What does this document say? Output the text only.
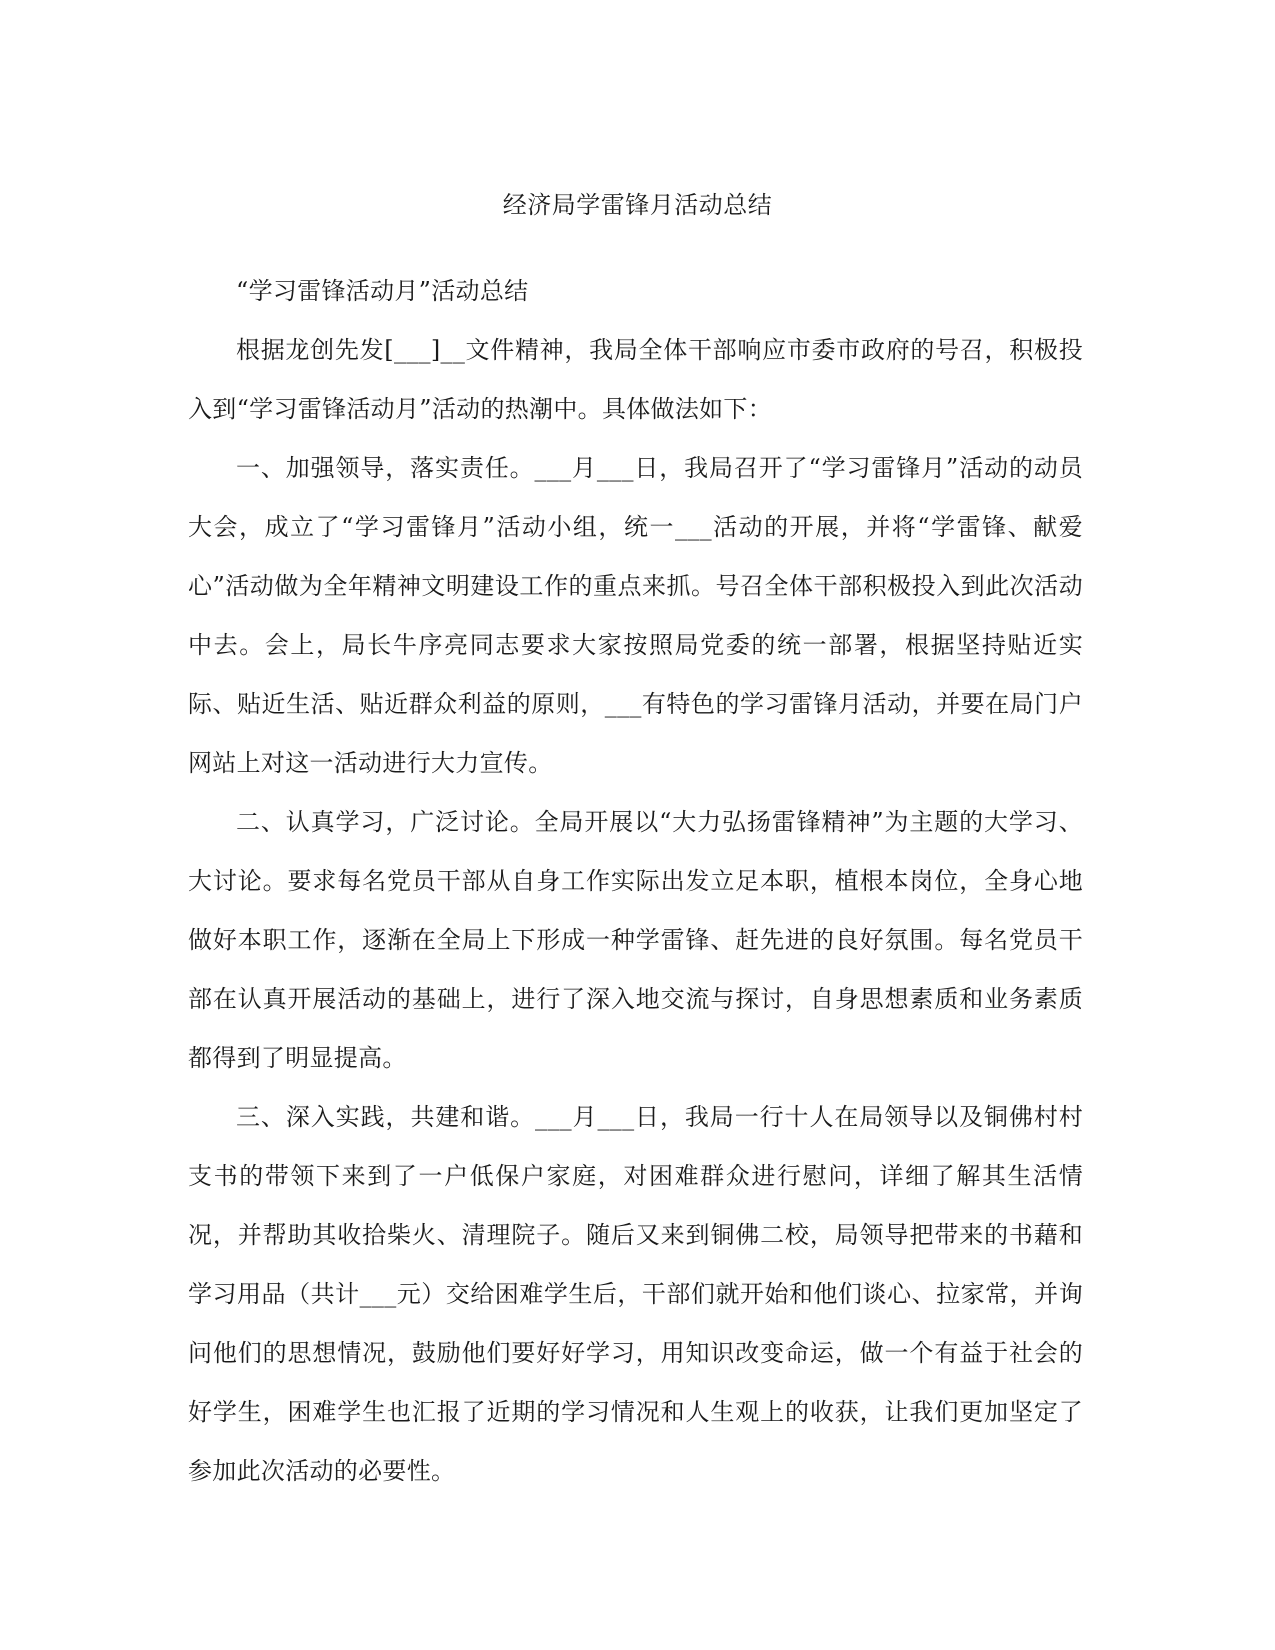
经济局学雷锋月活动总结

“学习雷锋活动月”活动总结

根据龙创先发[___]__文件精神，我局全体干部响应市委市政府的号召，积极投入到“学习雷锋活动月”活动的热潮中。具体做法如下：

一、加强领导，落实责任。___月___日，我局召开了“学习雷锋月”活动的动员大会，成立了“学习雷锋月”活动小组，统一___活动的开展，并将“学雷锋、献爱心”活动做为全年精神文明建设工作的重点来抓。号召全体干部积极投入到此次活动中去。会上，局长牛序亮同志要求大家按照局党委的统一部署，根据坚持贴近实际、贴近生活、贴近群众利益的原则，___有特色的学习雷锋月活动，并要在局门户网站上对这一活动进行大力宣传。

二、认真学习，广泛讨论。全局开展以“大力弘扬雷锋精神”为主题的大学习、大讨论。要求每名党员干部从自身工作实际出发立足本职，植根本岗位，全身心地做好本职工作，逐渐在全局上下形成一种学雷锋、赶先进的良好氛围。每名党员干部在认真开展活动的基础上，进行了深入地交流与探讨，自身思想素质和业务素质都得到了明显提高。

三、深入实践，共建和谐。___月___日，我局一行十人在局领导以及铜佛村村支书的带领下来到了一户低保户家庭，对困难群众进行慰问，详细了解其生活情况，并帮助其收拾柴火、清理院子。随后又来到铜佛二校，局领导把带来的书藉和学习用品（共计___元）交给困难学生后，干部们就开始和他们谈心、拉家常，并询问他们的思想情况，鼓励他们要好好学习，用知识改变命运，做一个有益于社会的好学生，困难学生也汇报了近期的学习情况和人生观上的收获，让我们更加坚定了参加此次活动的必要性。
